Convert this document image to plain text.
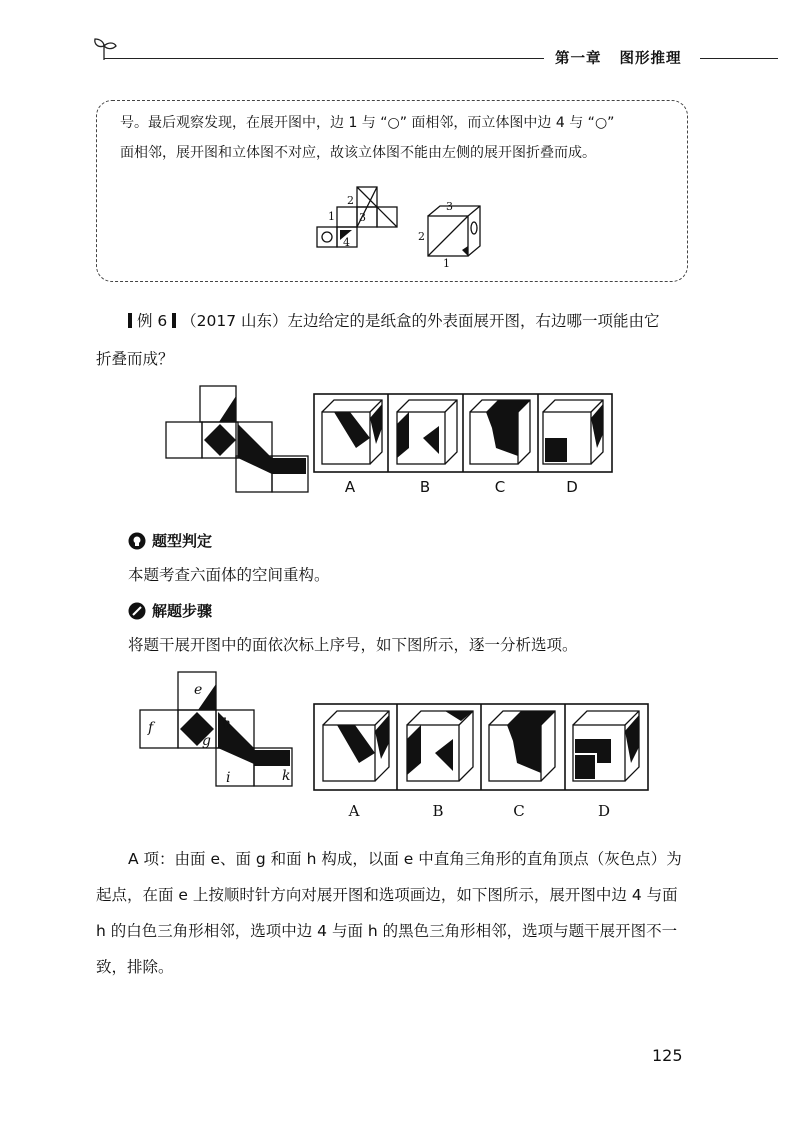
第一章 图形推理
号。最后观察发现，在展开图中，边 1 与 “○” 面相邻，而立体图中边 4 与 “○”
面相邻，展开图和立体图不对应，故该立体图不能由左侧的展开图折叠而成。
1
2
3
4	2
3
1
例 6 （2017 山东）左边给定的是纸盒的外表面展开图，右边哪一项能由它
折叠而成？
A	B	C	D
题型判定
本题考查六面体的空间重构。
解题步骤
将题干展开图中的面依次标上序号，如下图所示，逐一分析选项。
e
f
g
h
i	k
A	B	C	D
A 项：由面 e、面 g 和面 h 构成，以面 e 中直角三角形的直角顶点（灰色点）为
起点，在面 e 上按顺时针方向对展开图和选项画边，如下图所示，展开图中边 4 与面
h 的白色三角形相邻，选项中边 4 与面 h 的黑色三角形相邻，选项与题干展开图不一
致，排除。
125
